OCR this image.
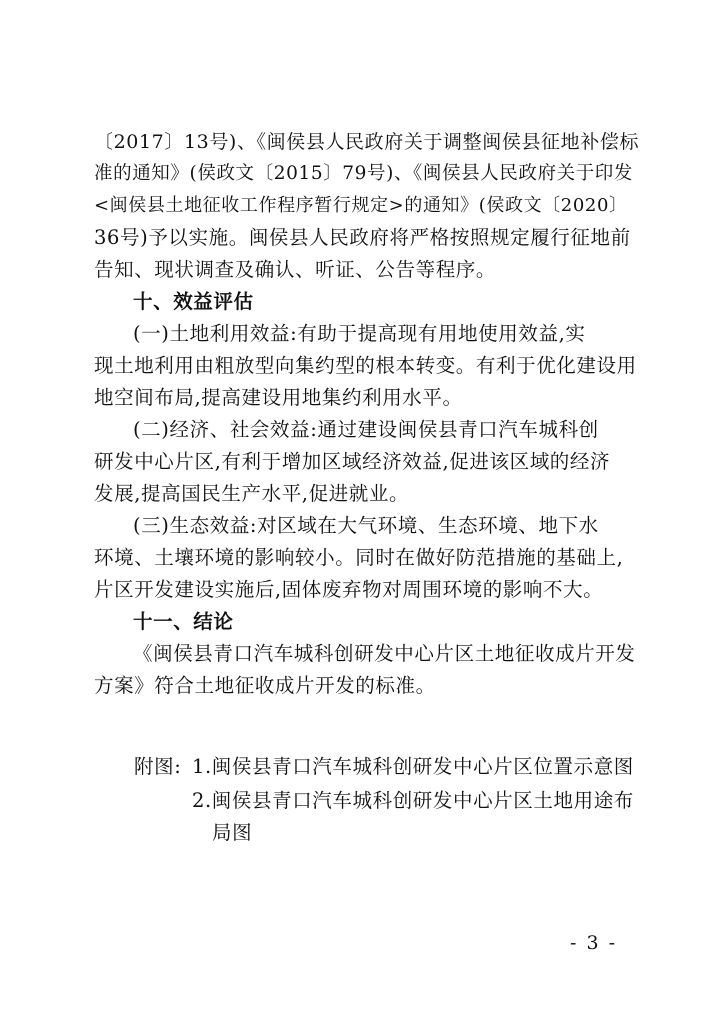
〔2017〕13号)、《闽侯县人民政府关于调整闽侯县征地补偿标
准的通知》(侯政文〔2015〕79号)、《闽侯县人民政府关于印发
<闽侯县土地征收工作程序暂行规定>的通知》(侯政文〔2020〕
36号)予以实施。闽侯县人民政府将严格按照规定履行征地前
告知、现状调查及确认、听证、公告等程序。
十、效益评估
(一)土地利用效益:有助于提高现有用地使用效益,实
现土地利用由粗放型向集约型的根本转变。有利于优化建设用
地空间布局,提高建设用地集约利用水平。
(二)经济、社会效益:通过建设闽侯县青口汽车城科创
研发中心片区,有利于增加区域经济效益,促进该区域的经济
发展,提高国民生产水平,促进就业。
(三)生态效益:对区域在大气环境、生态环境、地下水
环境、土壤环境的影响较小。同时在做好防范措施的基础上,
片区开发建设实施后,固体废弃物对周围环境的影响不大。
十一、结论
《闽侯县青口汽车城科创研发中心片区土地征收成片开发
方案》符合土地征收成片开发的标准。
附图: 1.闽侯县青口汽车城科创研发中心片区位置示意图
2.闽侯县青口汽车城科创研发中心片区土地用途布
局图
- 3 -
